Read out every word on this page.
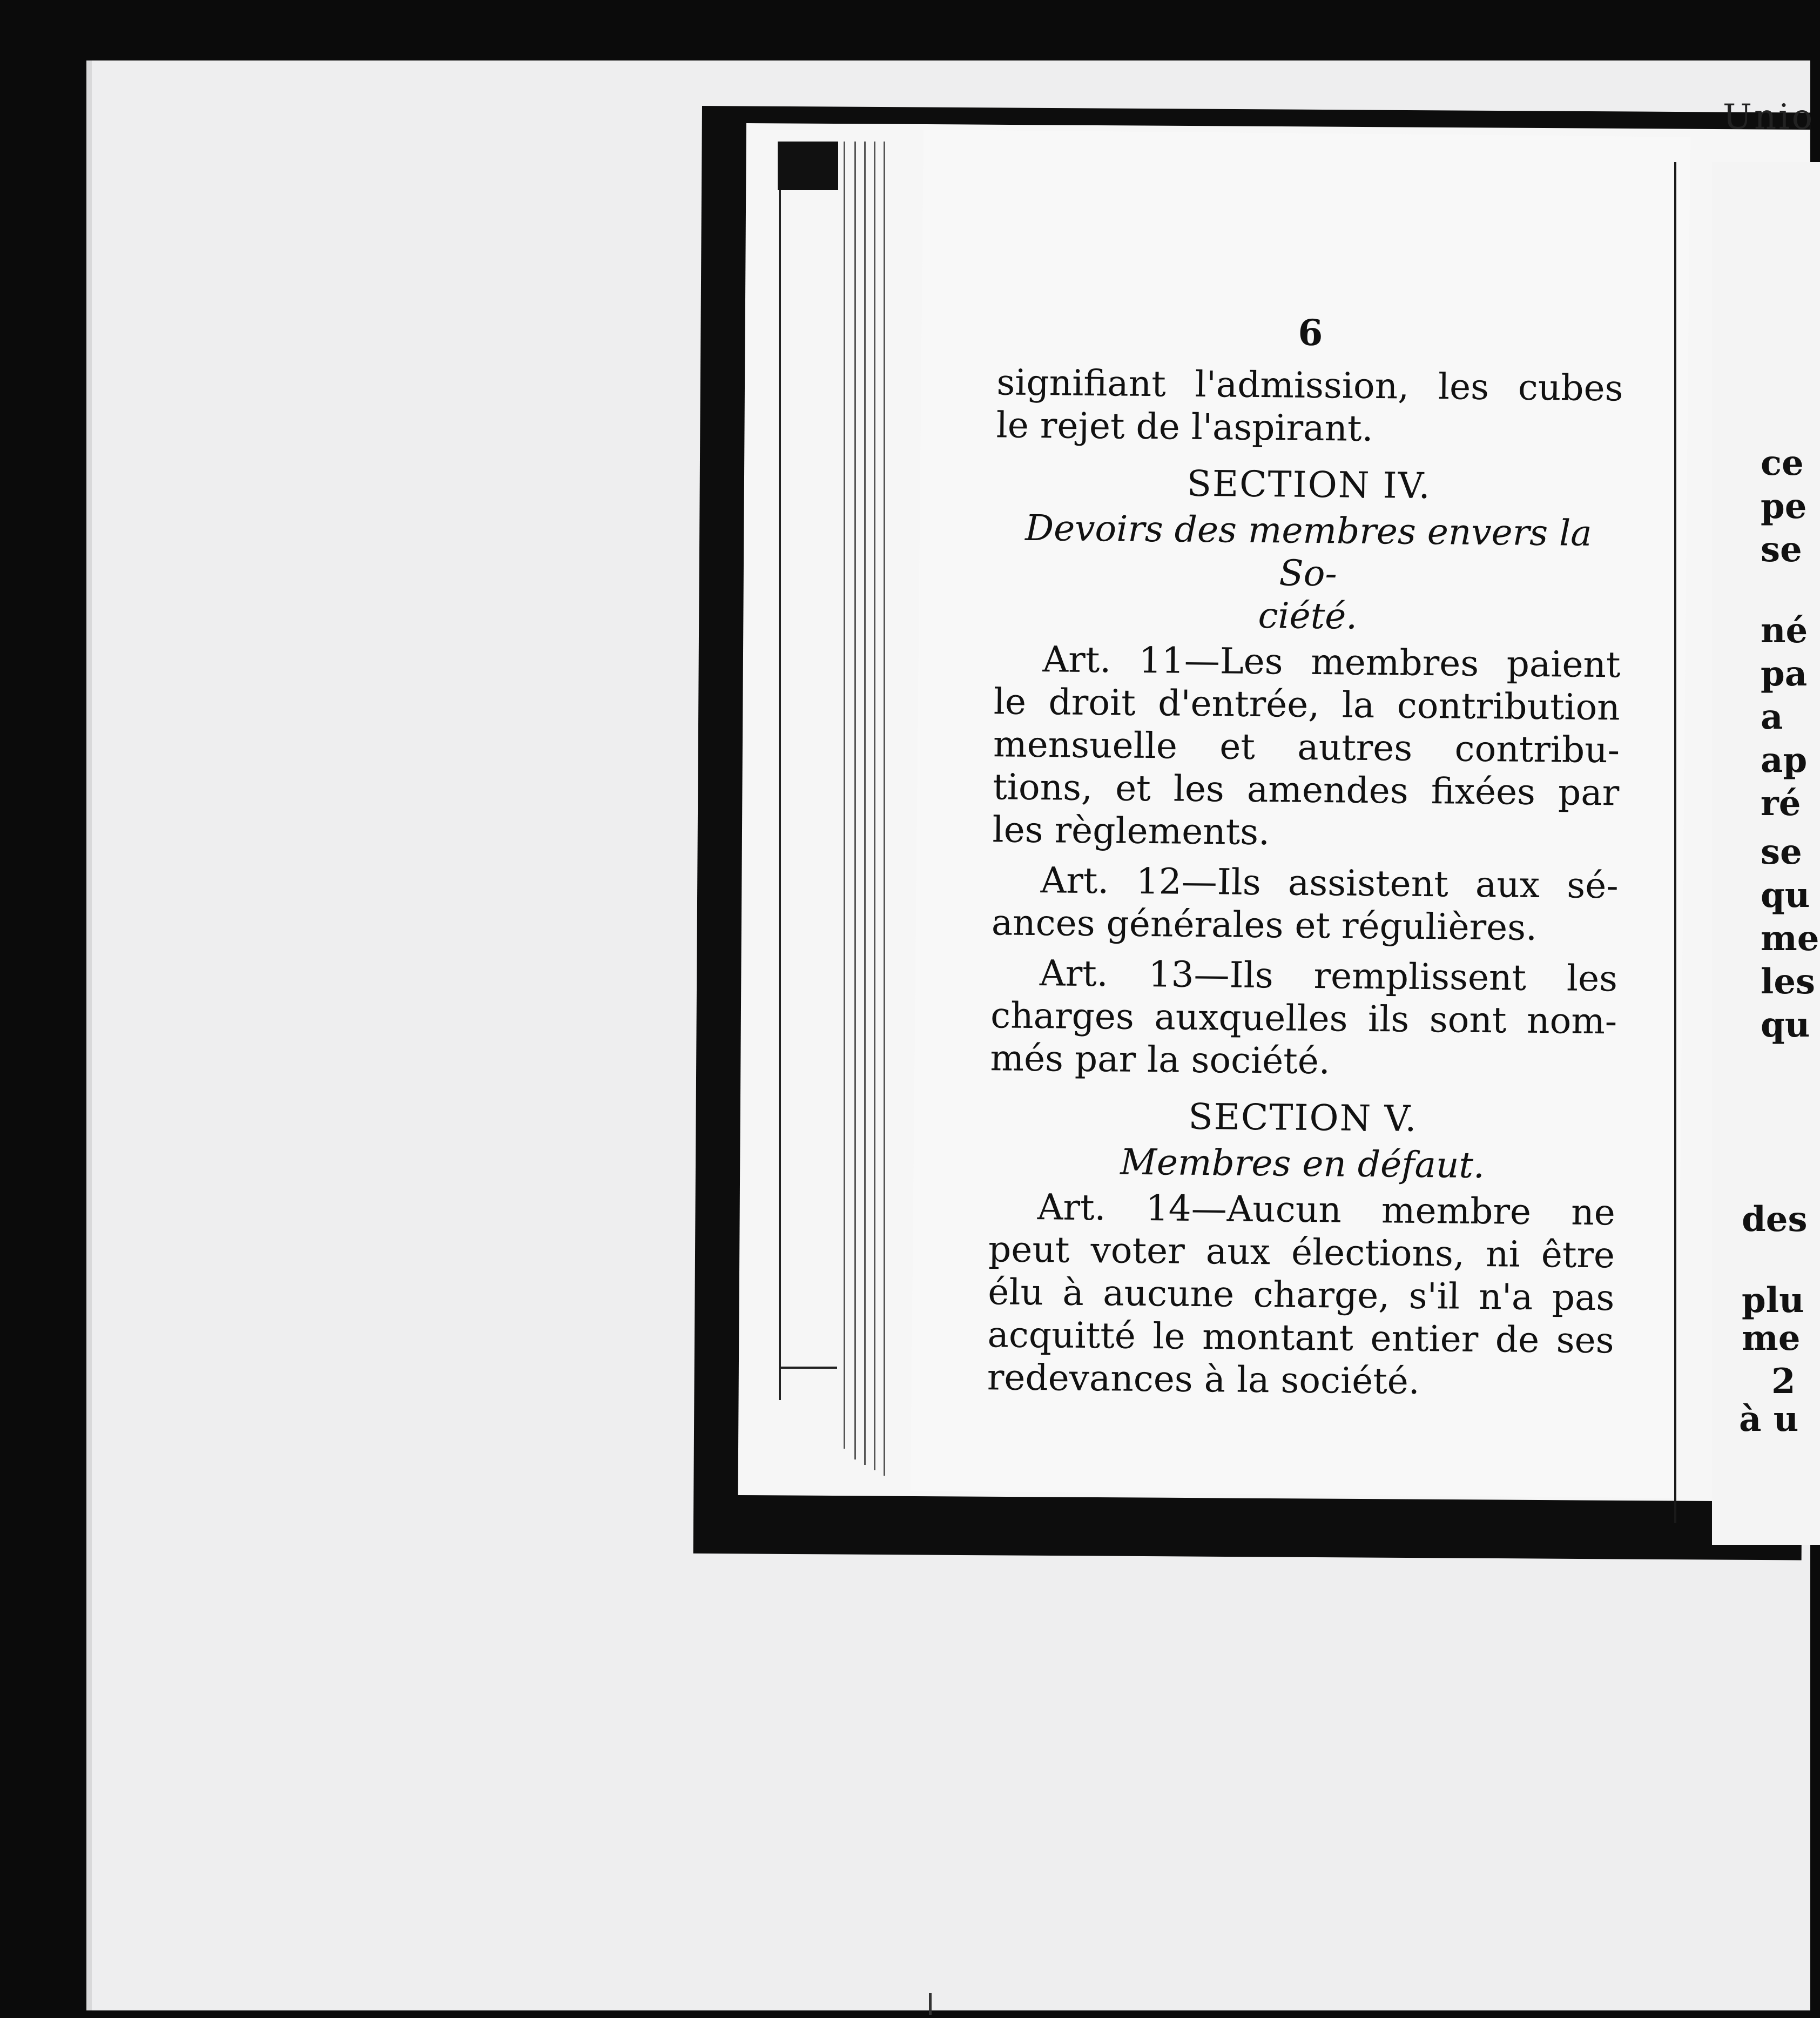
6
signifiant l'admission, les cubes
le rejet de l'aspirant.
SECTION IV.
Devoirs des membres envers la So-
ciété.
Art. 11—Les membres paient
le droit d'entrée, la contribution
mensuelle et autres contribu-
tions, et les amendes fixées par
les règlements.
Art. 12—Ils assistent aux sé-
ances générales et régulières.
Art. 13—Ils remplissent les
charges auxquelles ils sont nom-
més par la société.
SECTION V.
Membres en défaut.
Art. 14—Aucun membre ne
peut voter aux élections, ni être
élu à aucune charge, s'il n'a pas
acquitté le montant entier de ses
redevances à la société.
Unio
ce
pe
se
né
pa
a
ap
ré
se
qu
me
les
qu
des
plu
me
2
à u
